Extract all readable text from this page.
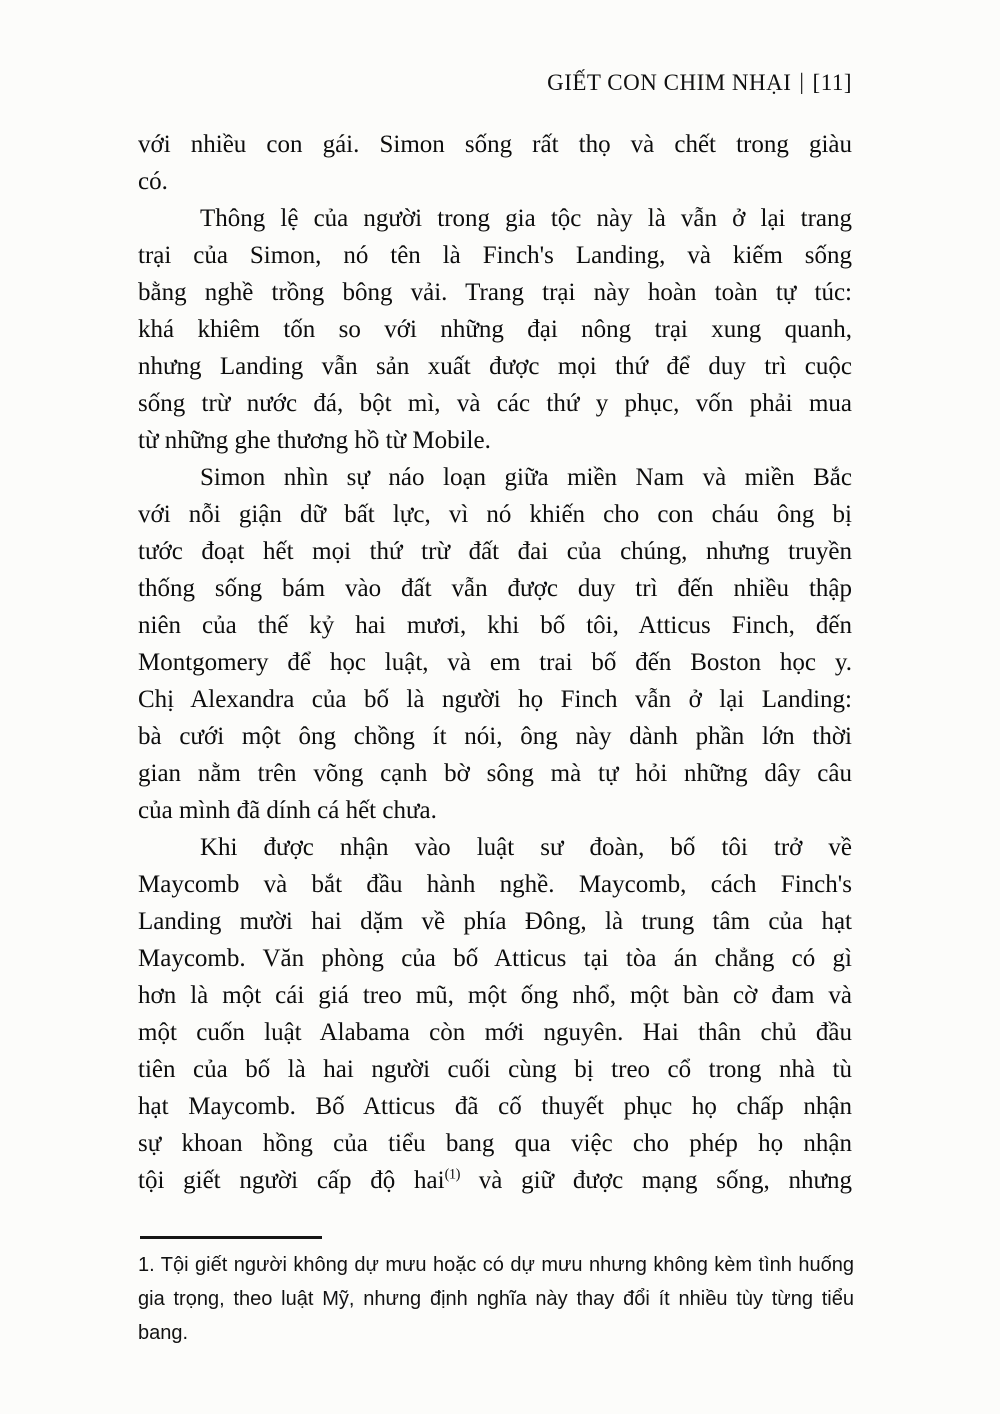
GIẾT CON CHIM NHẠI | [11]
với nhiều con gái. Simon sống rất thọ và chết trong giàu
có.
Thông lệ của người trong gia tộc này là vẫn ở lại trang
trại của Simon, nó tên là Finch's Landing, và kiếm sống
bằng nghề trồng bông vải. Trang trại này hoàn toàn tự túc:
khá khiêm tốn so với những đại nông trại xung quanh,
nhưng Landing vẫn sản xuất được mọi thứ để duy trì cuộc
sống trừ nước đá, bột mì, và các thứ y phục, vốn phải mua
từ những ghe thương hồ từ Mobile.
Simon nhìn sự náo loạn giữa miền Nam và miền Bắc
với nỗi giận dữ bất lực, vì nó khiến cho con cháu ông bị
tước đoạt hết mọi thứ trừ đất đai của chúng, nhưng truyền
thống sống bám vào đất vẫn được duy trì đến nhiều thập
niên của thế kỷ hai mươi, khi bố tôi, Atticus Finch, đến
Montgomery để học luật, và em trai bố đến Boston học y.
Chị Alexandra của bố là người họ Finch vẫn ở lại Landing:
bà cưới một ông chồng ít nói, ông này dành phần lớn thời
gian nằm trên võng cạnh bờ sông mà tự hỏi những dây câu
của mình đã dính cá hết chưa.
Khi được nhận vào luật sư đoàn, bố tôi trở về
Maycomb và bắt đầu hành nghề. Maycomb, cách Finch's
Landing mười hai dặm về phía Đông, là trung tâm của hạt
Maycomb. Văn phòng của bố Atticus tại tòa án chẳng có gì
hơn là một cái giá treo mũ, một ống nhổ, một bàn cờ đam và
một cuốn luật Alabama còn mới nguyên. Hai thân chủ đầu
tiên của bố là hai người cuối cùng bị treo cổ trong nhà tù
hạt Maycomb. Bố Atticus đã cố thuyết phục họ chấp nhận
sự khoan hồng của tiểu bang qua việc cho phép họ nhận
tội giết người cấp độ hai$^{(1)}$ và giữ được mạng sống, nhưng
1. Tội giết người không dự mưu hoặc có dự mưu nhưng không kèm tình huống
gia trọng, theo luật Mỹ, nhưng định nghĩa này thay đổi ít nhiều tùy từng tiểu bang.
